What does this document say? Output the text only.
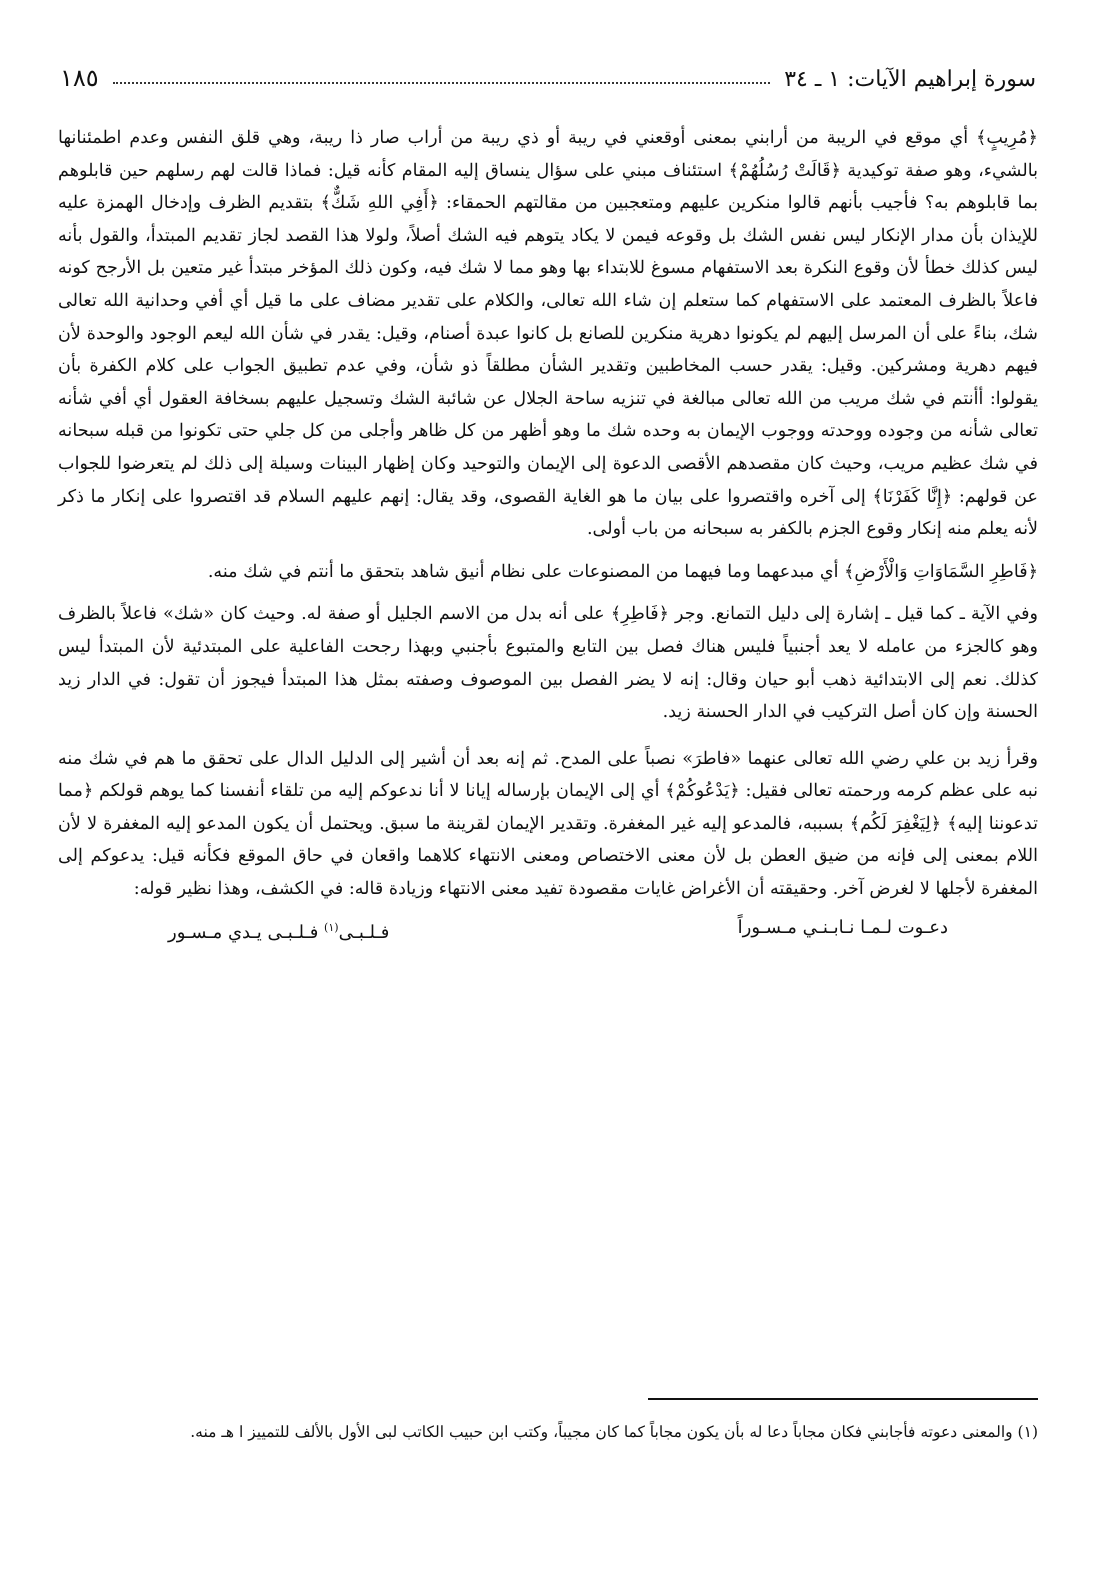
سورة إبراهيم الآيات: ١ ـ ٣٤
١٨٥

﴿مُرِيبٍ﴾ أي موقع في الريبة من أرابني بمعنى أوقعني في ريبة أو ذي ريبة من أراب صار ذا ريبة، وهي قلق النفس وعدم اطمئنانها بالشيء، وهو صفة توكيدية ﴿قَالَتْ رُسُلُهُمْ﴾ استئناف مبني على سؤال ينساق إليه المقام كأنه قيل: فماذا قالت لهم رسلهم حين قابلوهم بما قابلوهم به؟ فأجيب بأنهم قالوا منكرين عليهم ومتعجبين من مقالتهم الحمقاء: ﴿أَفِي اللهِ شَكٌّ﴾ بتقديم الظرف وإدخال الهمزة عليه للإيذان بأن مدار الإنكار ليس نفس الشك بل وقوعه فيمن لا يكاد يتوهم فيه الشك أصلاً، ولولا هذا القصد لجاز تقديم المبتدأ، والقول بأنه ليس كذلك خطأ لأن وقوع النكرة بعد الاستفهام مسوغ للابتداء بها وهو مما لا شك فيه، وكون ذلك المؤخر مبتدأ غير متعين بل الأرجح كونه فاعلاً بالظرف المعتمد على الاستفهام كما ستعلم إن شاء الله تعالى، والكلام على تقدير مضاف على ما قيل أي أفي وحدانية الله تعالى شك، بناءً على أن المرسل إليهم لم يكونوا دهرية منكرين للصانع بل كانوا عبدة أصنام، وقيل: يقدر في شأن الله ليعم الوجود والوحدة لأن فيهم دهرية ومشركين. وقيل: يقدر حسب المخاطبين وتقدير الشأن مطلقاً ذو شأن، وفي عدم تطبيق الجواب على كلام الكفرة بأن يقولوا: أأنتم في شك مريب من الله تعالى مبالغة في تنزيه ساحة الجلال عن شائبة الشك وتسجيل عليهم بسخافة العقول أي أفي شأنه تعالى شأنه من وجوده ووحدته ووجوب الإيمان به وحده شك ما وهو أظهر من كل ظاهر وأجلى من كل جلي حتى تكونوا من قبله سبحانه في شك عظيم مريب، وحيث كان مقصدهم الأقصى الدعوة إلى الإيمان والتوحيد وكان إظهار البينات وسيلة إلى ذلك لم يتعرضوا للجواب عن قولهم: ﴿إِنَّا كَفَرْنَا﴾ إلى آخره واقتصروا على بيان ما هو الغاية القصوى، وقد يقال: إنهم عليهم السلام قد اقتصروا على إنكار ما ذكر لأنه يعلم منه إنكار وقوع الجزم بالكفر به سبحانه من باب أولى.

﴿فَاطِرِ السَّمَاوَاتِ وَالْأَرْضِ﴾ أي مبدعهما وما فيهما من المصنوعات على نظام أنيق شاهد بتحقق ما أنتم في شك منه.

وفي الآية ـ كما قيل ـ إشارة إلى دليل التمانع. وجر ﴿فَاطِرِ﴾ على أنه بدل من الاسم الجليل أو صفة له. وحيث كان «شك» فاعلاً بالظرف وهو كالجزء من عامله لا يعد أجنبياً فليس هناك فصل بين التابع والمتبوع بأجنبي وبهذا رجحت الفاعلية على المبتدئية لأن المبتدأ ليس كذلك. نعم إلى الابتدائية ذهب أبو حيان وقال: إنه لا يضر الفصل بين الموصوف وصفته بمثل هذا المبتدأ فيجوز أن تقول: في الدار زيد الحسنة وإن كان أصل التركيب في الدار الحسنة زيد.

وقرأ زيد بن علي رضي الله تعالى عنهما «فاطرَ» نصباً على المدح. ثم إنه بعد أن أشير إلى الدليل الدال على تحقق ما هم في شك منه نبه على عظم كرمه ورحمته تعالى فقيل: ﴿يَدْعُوكُمْ﴾ أي إلى الإيمان بإرساله إيانا لا أنا ندعوكم إليه من تلقاء أنفسنا كما يوهم قولكم ﴿مما تدعوننا إليه﴾ ﴿لِيَغْفِرَ لَكُم﴾ بسببه، فالمدعو إليه غير المغفرة. وتقدير الإيمان لقرينة ما سبق. ويحتمل أن يكون المدعو إليه المغفرة لا لأن اللام بمعنى إلى فإنه من ضيق العطن بل لأن معنى الاختصاص ومعنى الانتهاء كلاهما واقعان في حاق الموقع فكأنه قيل: يدعوكم إلى المغفرة لأجلها لا لغرض آخر. وحقيقته أن الأغراض غايات مقصودة تفيد معنى الانتهاء وزيادة قاله: في الكشف، وهذا نظير قوله:

دعـوت لـمـا نـابـنـي مـسـوراً
فـلـبـى$^{(١)}$ فـلـبـى يـدي مـسـور
(١) والمعنى دعوته فأجابني فكان مجاباً دعا له بأن يكون مجاباً كما كان مجيباً، وكتب ابن حبيب الكاتب لبى الأول بالألف للتمييز ا هـ منه.
